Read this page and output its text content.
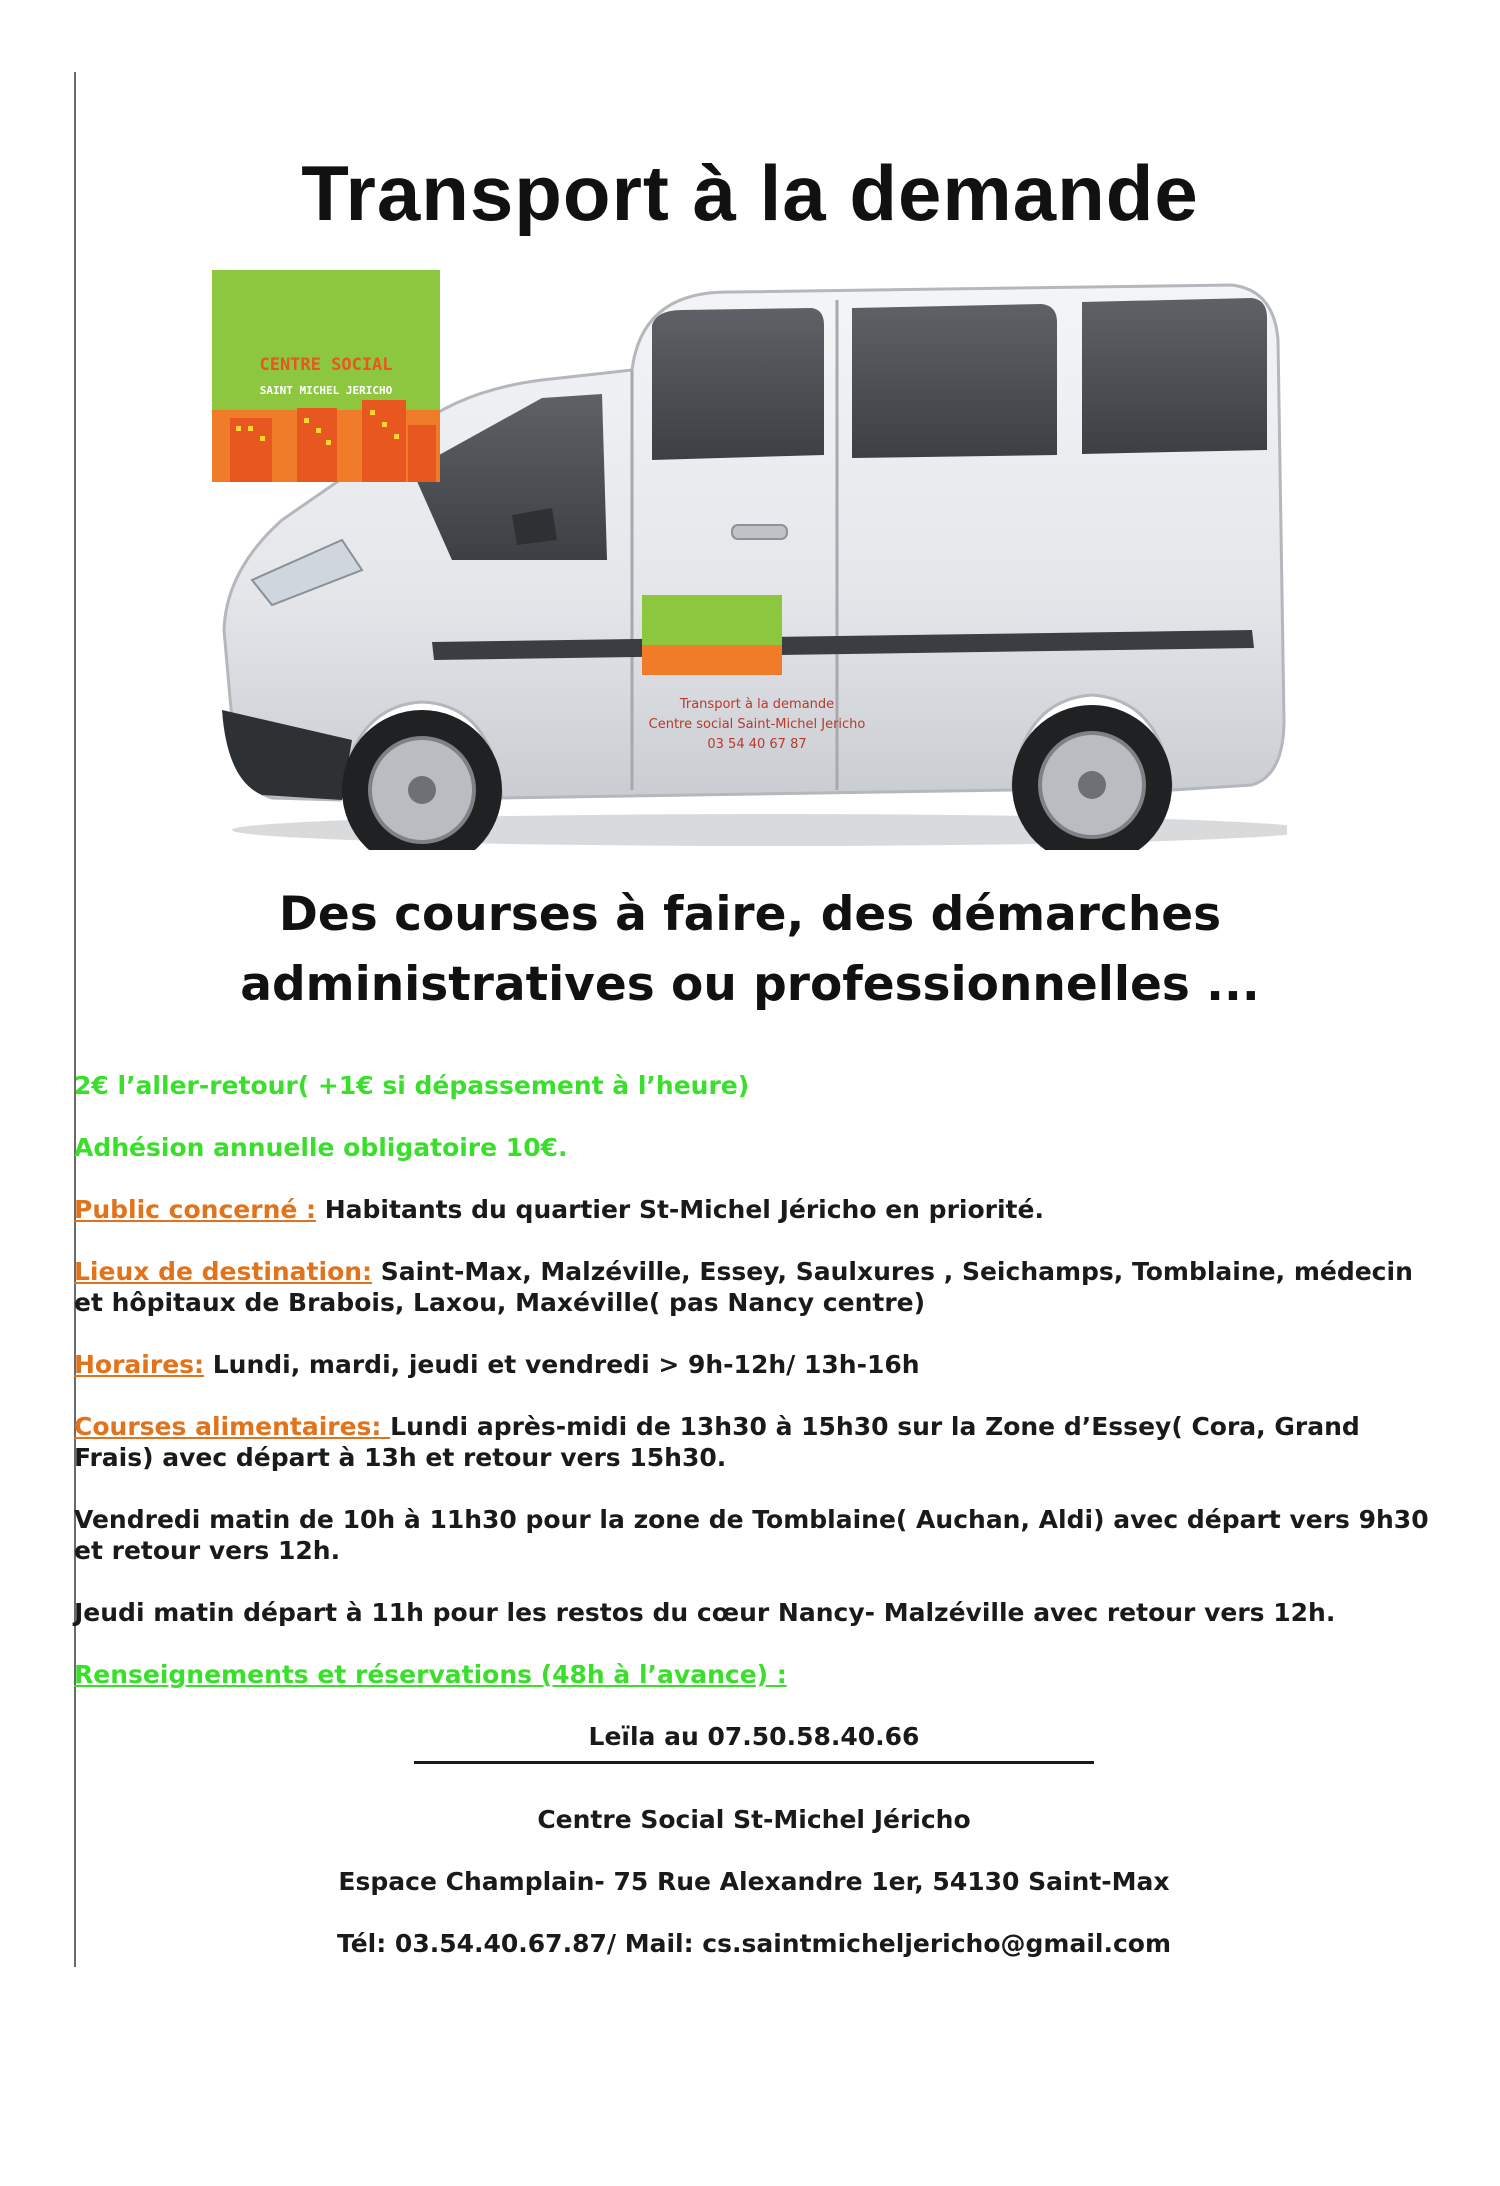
Transport à la demande
Transport à la demande
Centre social Saint-Michel Jericho
03 54 40 67 87
CENTRE SOCIAL
SAINT MICHEL JERICHO
Des courses à faire, des démarches
administratives ou professionnelles ...

2€ l’aller-retour( +1€ si dépassement à l’heure)

Adhésion annuelle obligatoire 10€.

Public concerné : Habitants du quartier St-Michel Jéricho en priorité.

Lieux de destination: Saint-Max, Malzéville, Essey, Saulxures , Seichamps, Tomblaine, médecin et hôpitaux de Brabois, Laxou, Maxéville( pas Nancy centre)

Horaires: Lundi, mardi, jeudi et vendredi > 9h-12h/ 13h-16h

Courses alimentaires: Lundi après-midi de 13h30 à 15h30 sur la Zone d’Essey( Cora, Grand Frais) avec départ à 13h et retour vers 15h30.

Vendredi matin de 10h à 11h30 pour la zone de Tomblaine( Auchan, Aldi) avec départ vers 9h30 et retour vers 12h.

Jeudi matin départ à 11h pour les restos du cœur Nancy- Malzéville avec retour vers 12h.

Renseignements et réservations (48h à l’avance) :

Leïla au 07.50.58.40.66

Centre Social St-Michel Jéricho

Espace Champlain- 75 Rue Alexandre 1er, 54130 Saint-Max

Tél: 03.54.40.67.87/ Mail: cs.saintmicheljericho@gmail.com
